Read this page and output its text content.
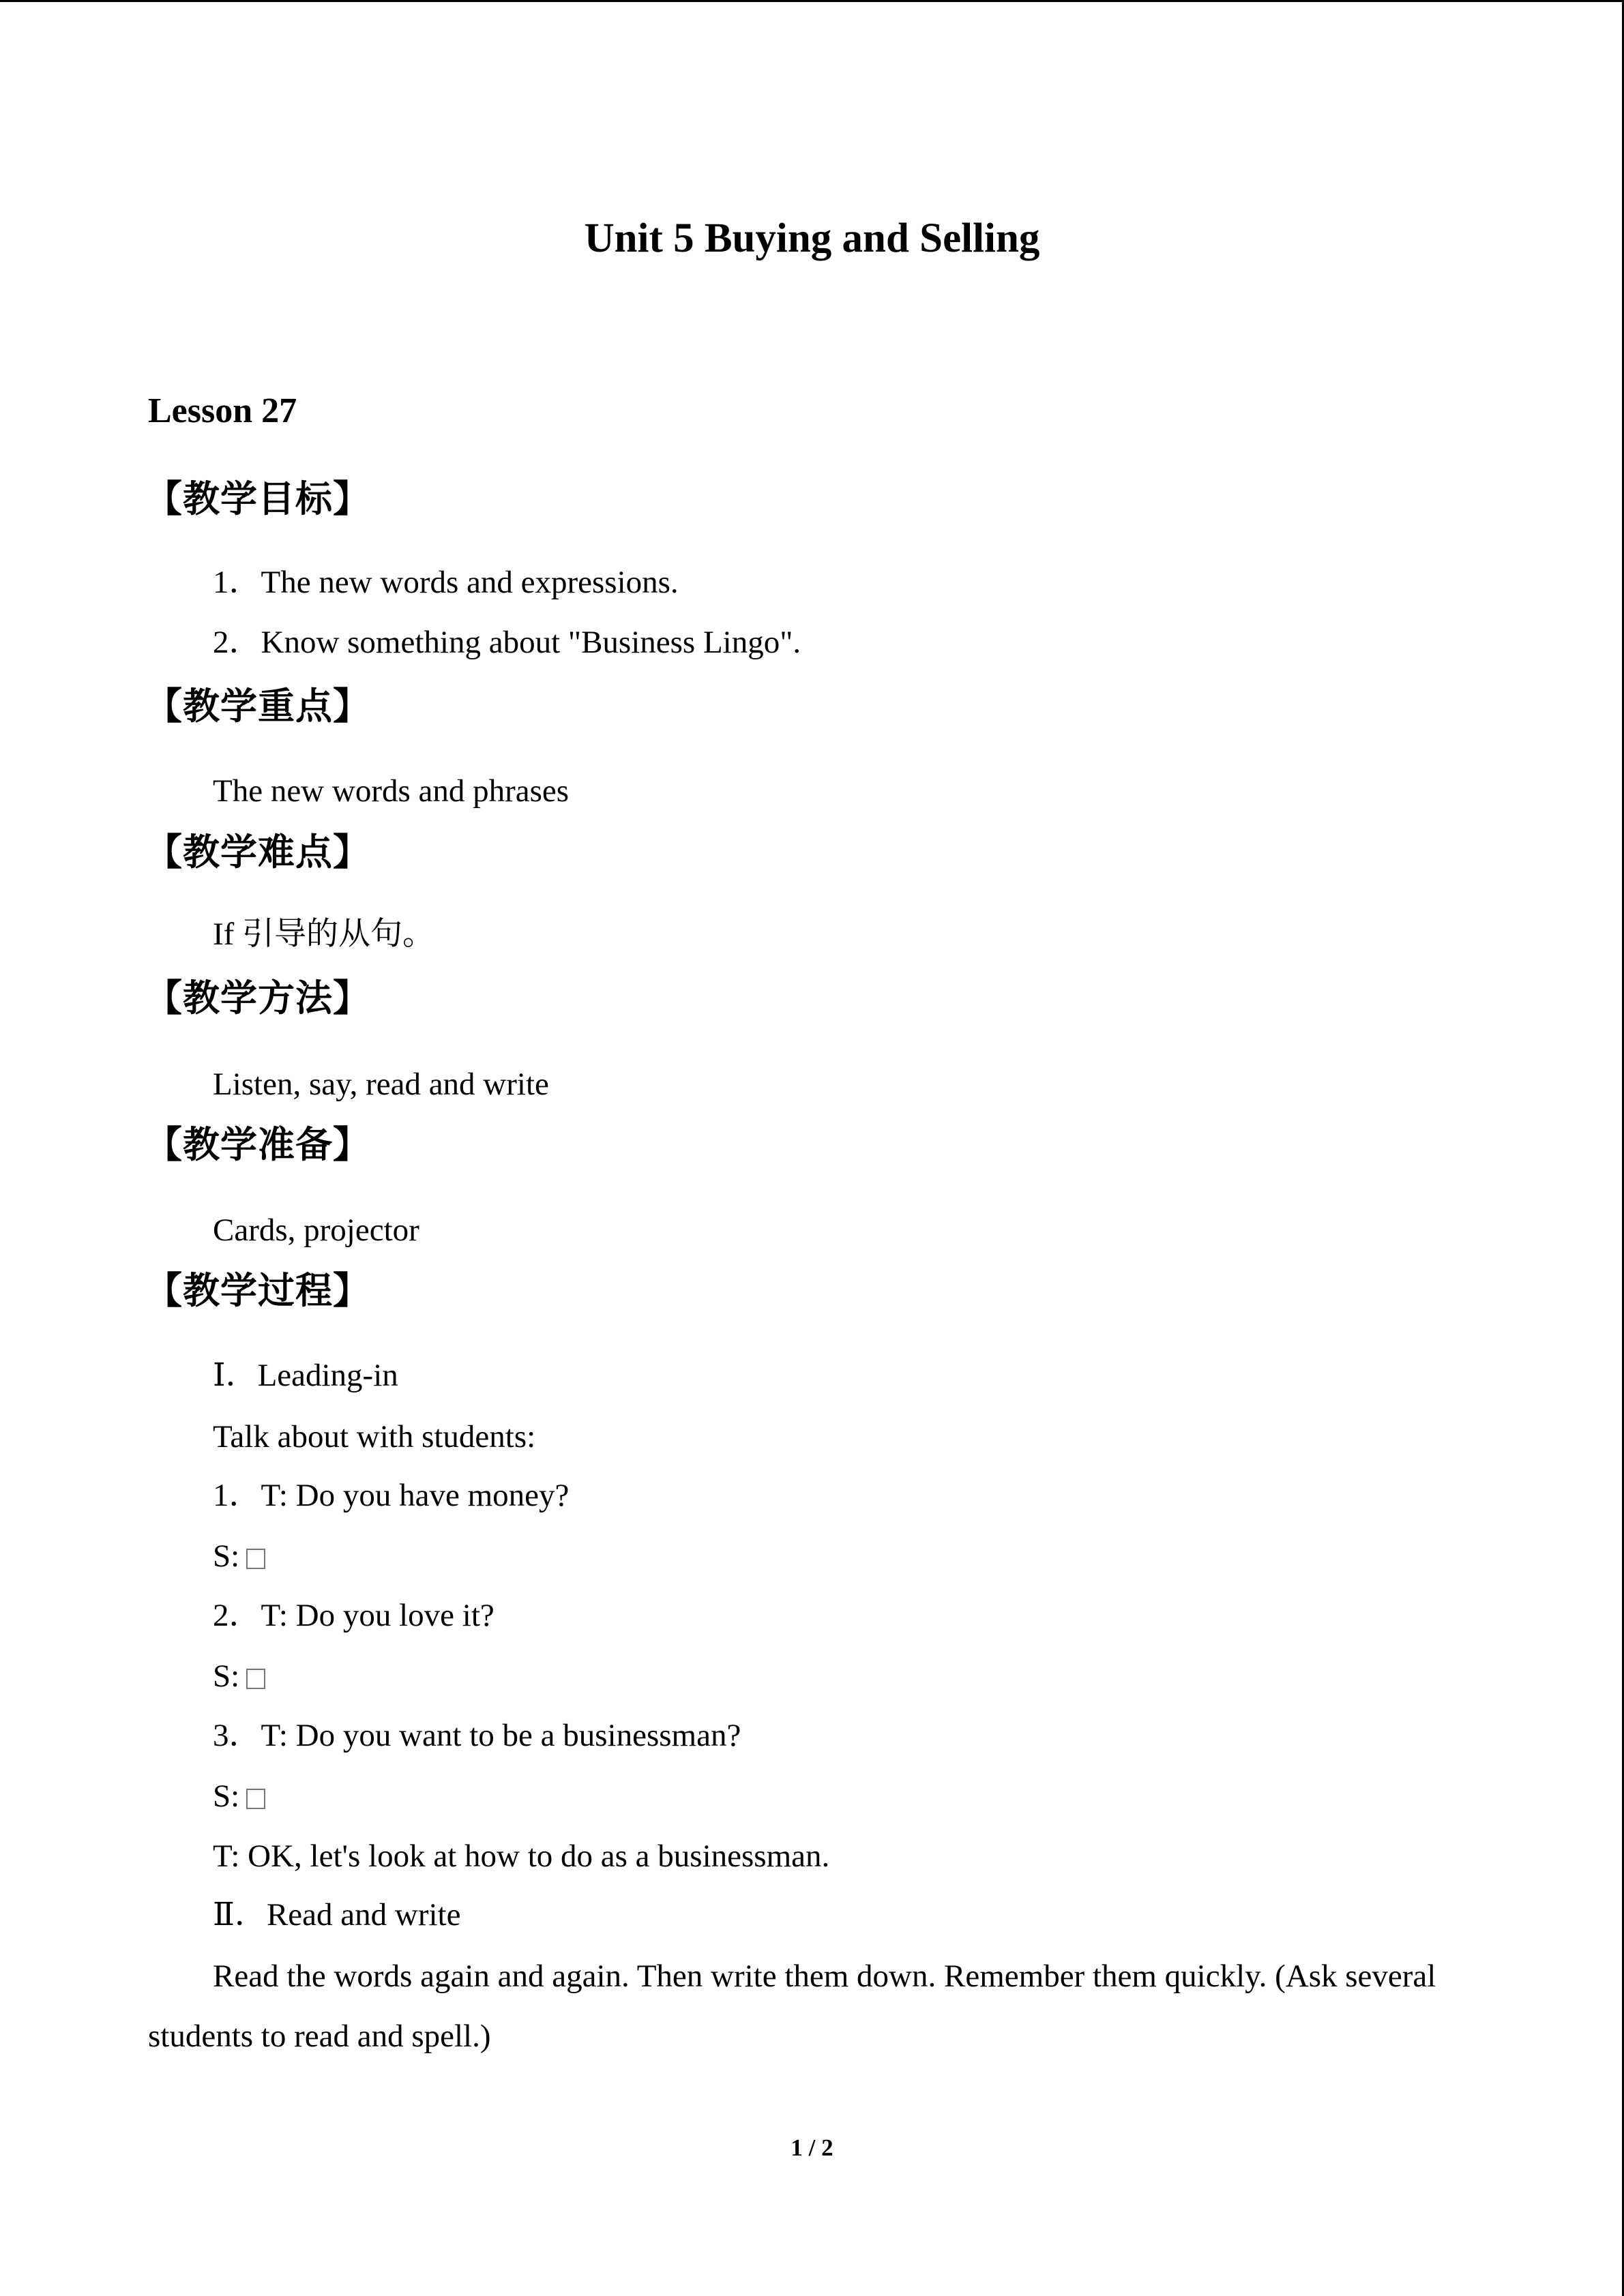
Unit 5 Buying and Selling
Lesson 27
【教学目标】
1．The new words and expressions.
2．Know something about "Business Lingo".
【教学重点】
The new words and phrases
【教学难点】
If 引导的从句。
【教学方法】
Listen, say, read and write
【教学准备】
Cards, projector
【教学过程】
Ⅰ．Leading-in
Talk about with students:
1．T: Do you have money?
S:
2．T: Do you love it?
S:
3．T: Do you want to be a businessman?
S:
T: OK, let's look at how to do as a businessman.
Ⅱ．Read and write
Read the words again and again. Then write them down. Remember them quickly. (Ask several students to read and spell.)
1 / 2
